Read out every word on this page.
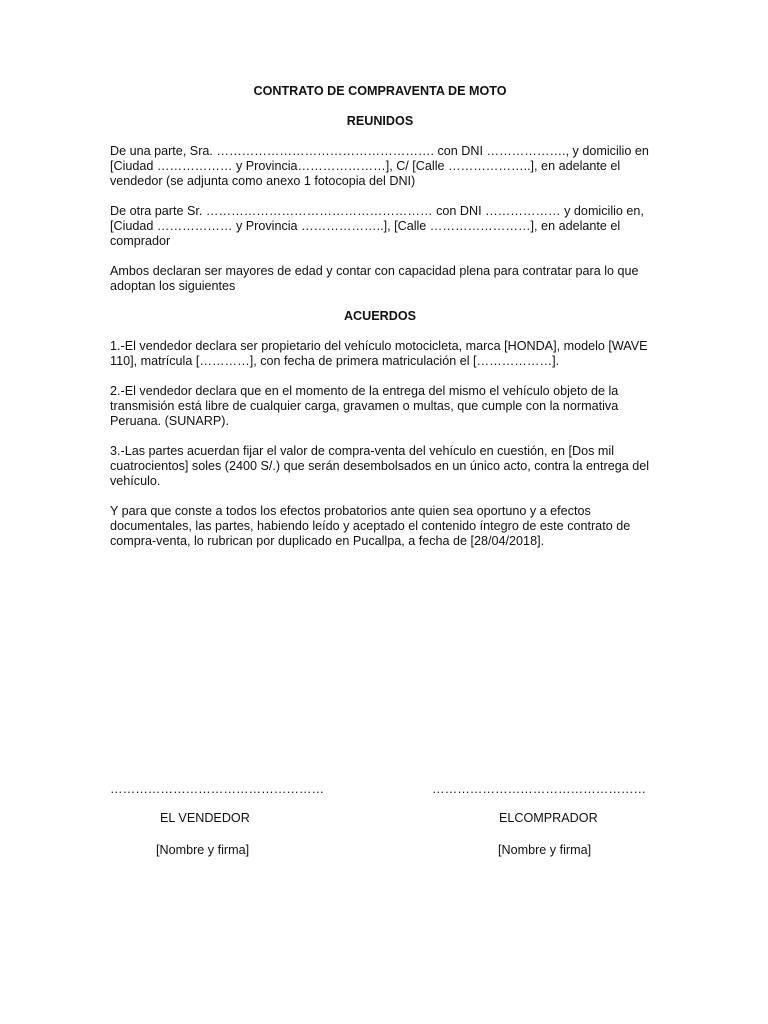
CONTRATO DE COMPRAVENTA DE MOTO
REUNIDOS
De una parte, Sra. ……………………………………………. con DNI ………………., y domicilio en [Ciudad ……………… y Provincia…………………], C/ [Calle ………………..], en adelante el vendedor (se adjunta como anexo 1 fotocopia del DNI)
De otra parte Sr. ……………………………………………… con DNI ……………… y domicilio en, [Ciudad ……………… y Provincia ………………..], [Calle ……………………], en adelante el comprador
Ambos declaran ser mayores de edad y contar con capacidad plena para contratar para lo que adoptan los siguientes
ACUERDOS
1.-El vendedor declara ser propietario del vehículo motocicleta, marca [HONDA], modelo [WAVE 110], matrícula […………], con fecha de primera matriculación el [………………].
2.-El vendedor declara que en el momento de la entrega del mismo el vehículo objeto de la transmisión está libre de cualquier carga, gravamen o multas, que cumple con la normativa Peruana. (SUNARP).
3.-Las partes acuerdan fijar el valor de compra-venta del vehículo en cuestión, en [Dos mil cuatrocientos] soles (2400 S/.) que serán desembolsados en un único acto, contra la entrega del vehículo.
Y para que conste a todos los efectos probatorios ante quien sea oportuno y a efectos documentales, las partes, habiendo leído y aceptado el contenido íntegro de este contrato de compra-venta, lo rubrican por duplicado en Pucallpa, a fecha de [28/04/2018].
……………………………………………
EL VENDEDOR
[Nombre y firma]
……………………………………………
ELCOMPRADOR
[Nombre y firma]
